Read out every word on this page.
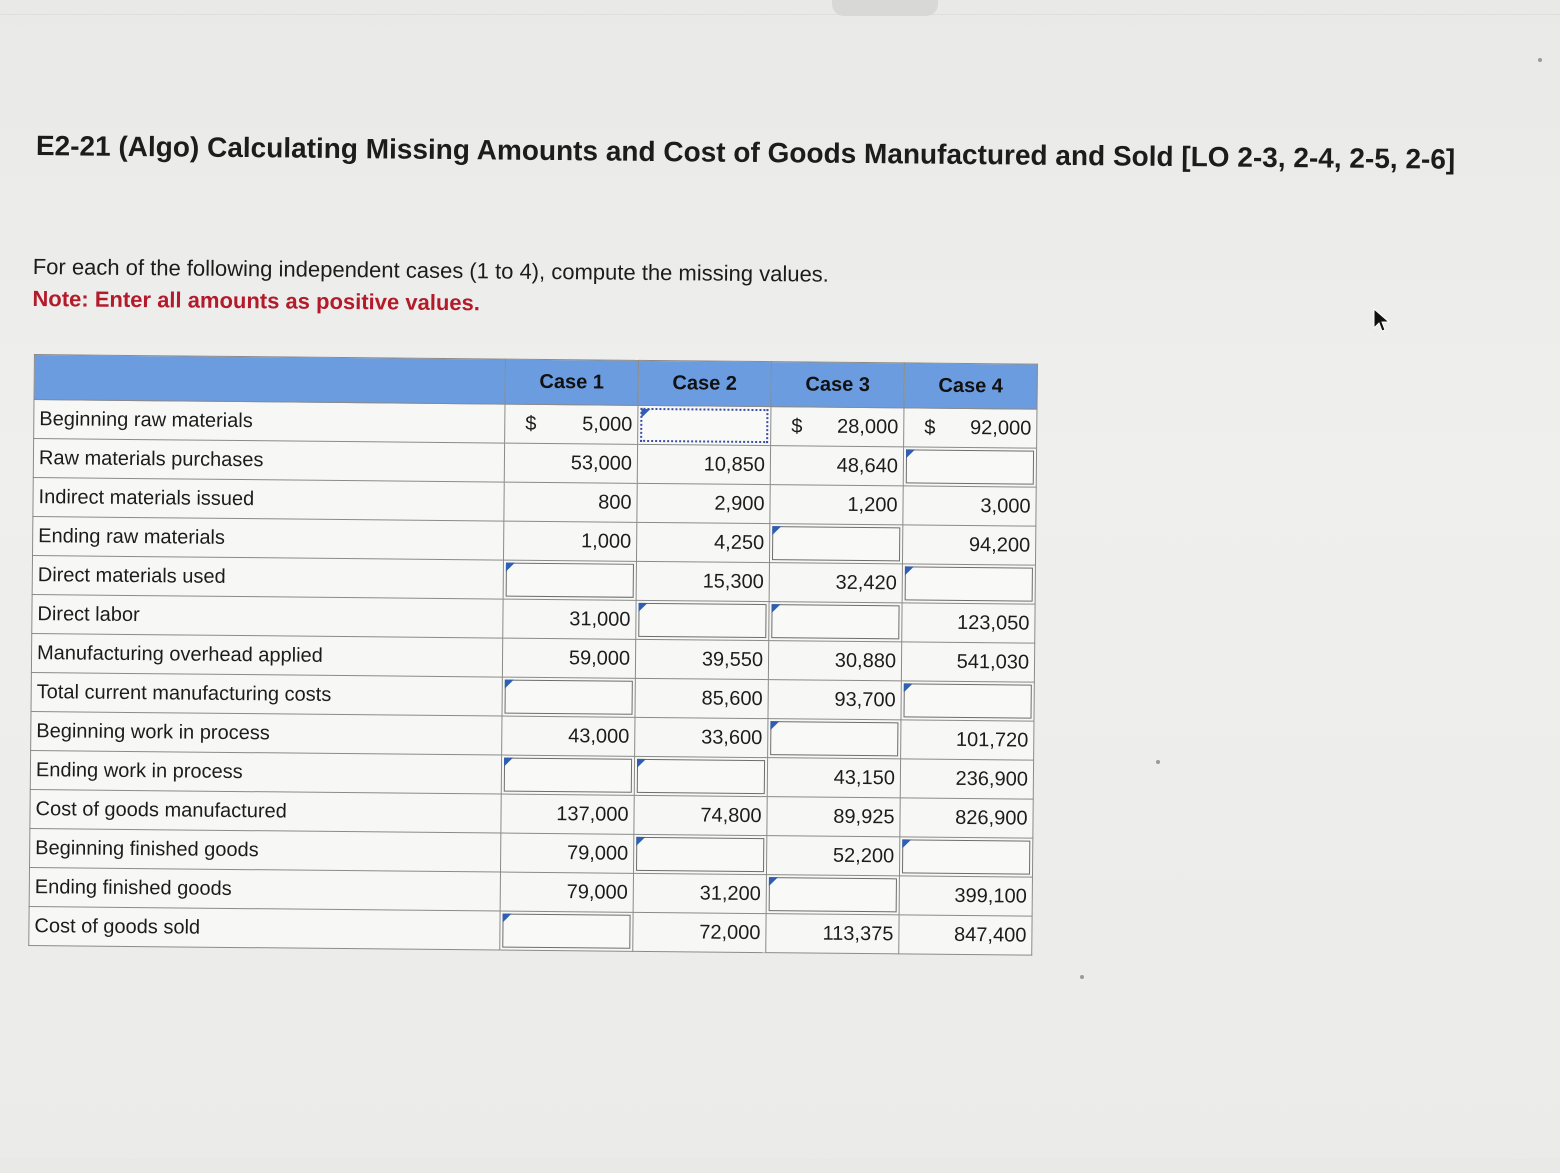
E2-21 (Algo) Calculating Missing Amounts and Cost of Goods Manufactured and Sold [LO 2-3, 2-4, 2-5, 2-6]

For each of the following independent cases (1 to 4), compute the missing values.

Note: Enter all amounts as positive values.

	Case 1	Case 2	Case 3	Case 4
Beginning raw materials	$ 5,000		$ 28,000	$ 92,000
Raw materials purchases	53,000	10,850	48,640	

Indirect materials issued	800	2,900	1,200	3,000
Ending raw materials	1,000	4,250		94,200
Direct materials used		15,300	32,420	

Direct labor	31,000			123,050
Manufacturing overhead applied	59,000	39,550	30,880	541,030
Total current manufacturing costs		85,600	93,700	

Beginning work in process	43,000	33,600		101,720
Ending work in process			43,150	236,900
Cost of goods manufactured	137,000	74,800	89,925	826,900
Beginning finished goods	79,000		52,200	

Ending finished goods	79,000	31,200		399,100
Cost of goods sold		72,000	113,375	847,400
